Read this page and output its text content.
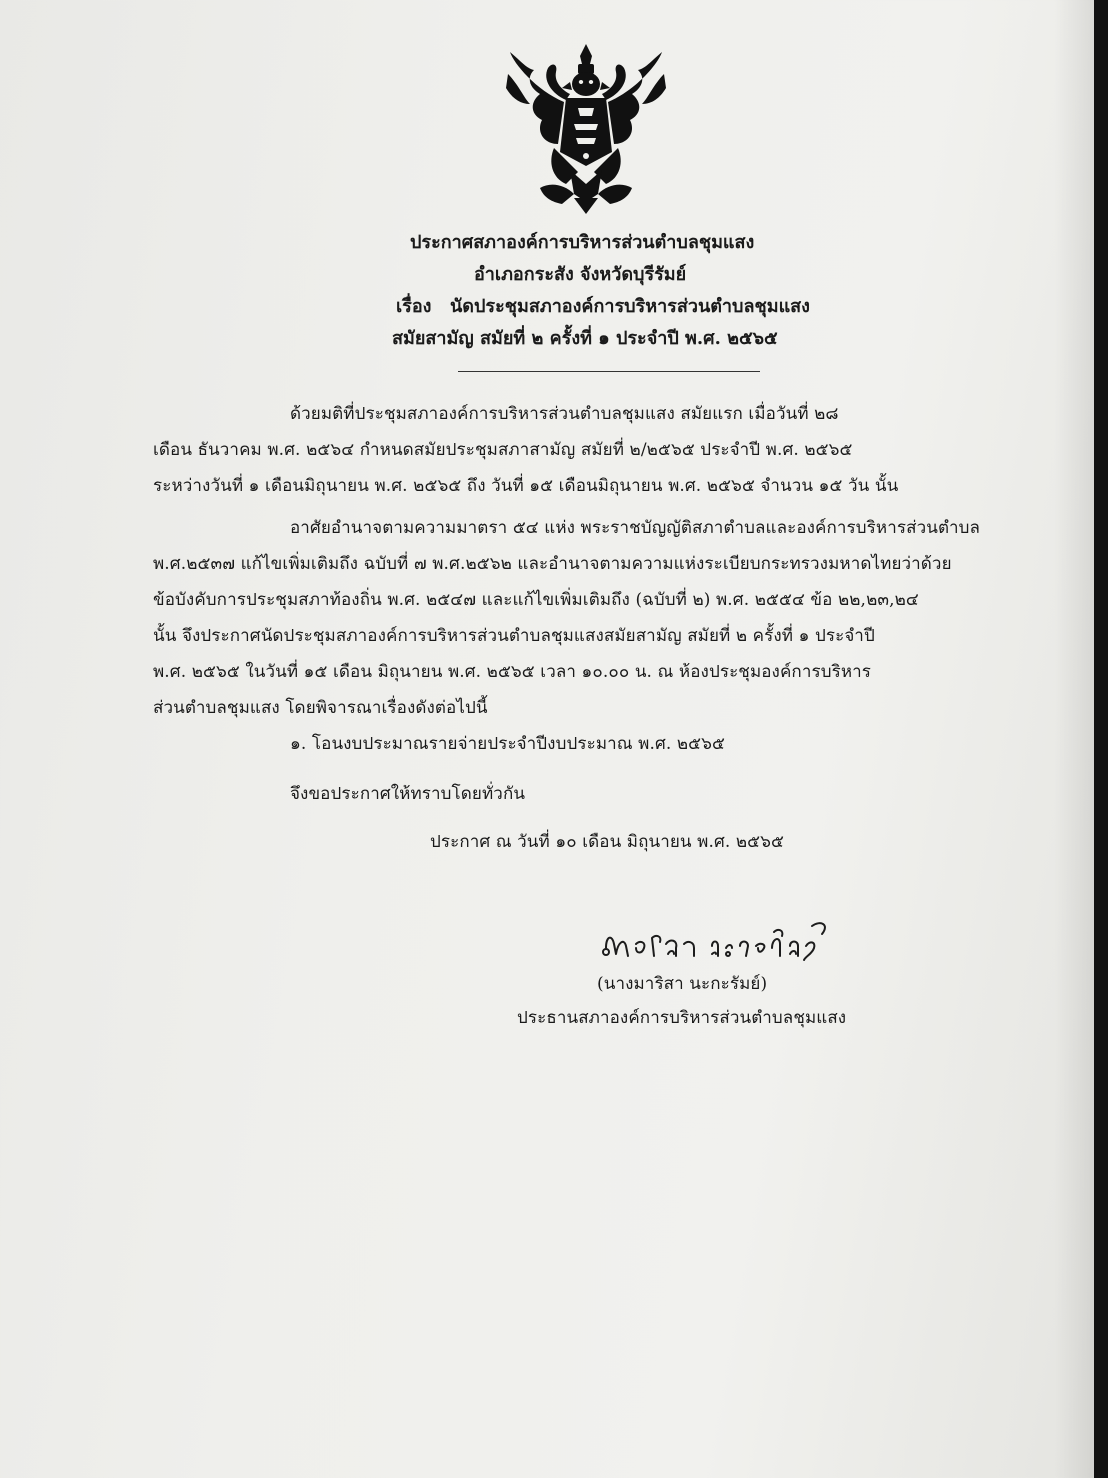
ประกาศสภาองค์การบริหารส่วนตำบลชุมแสง
อำเภอกระสัง จังหวัดบุรีรัมย์
เรื่อง นัดประชุมสภาองค์การบริหารส่วนตำบลชุมแสง
สมัยสามัญ สมัยที่ ๒ ครั้งที่ ๑ ประจำปี พ.ศ. ๒๕๖๕
ด้วยมติที่ประชุมสภาองค์การบริหารส่วนตำบลชุมแสง สมัยแรก เมื่อวันที่ ๒๘
เดือน ธันวาคม พ.ศ. ๒๕๖๔ กำหนดสมัยประชุมสภาสามัญ สมัยที่ ๒/๒๕๖๕ ประจำปี พ.ศ. ๒๕๖๕
ระหว่างวันที่ ๑ เดือนมิถุนายน พ.ศ. ๒๕๖๕ ถึง วันที่ ๑๕ เดือนมิถุนายน พ.ศ. ๒๕๖๕ จำนวน ๑๕ วัน นั้น
อาศัยอำนาจตามความมาตรา ๕๔ แห่ง พระราชบัญญัติสภาตำบลและองค์การบริหารส่วนตำบล
พ.ศ.๒๕๓๗ แก้ไขเพิ่มเติมถึง ฉบับที่ ๗ พ.ศ.๒๕๖๒ และอำนาจตามความแห่งระเบียบกระทรวงมหาดไทยว่าด้วย
ข้อบังคับการประชุมสภาท้องถิ่น พ.ศ. ๒๕๔๗ และแก้ไขเพิ่มเติมถึง (ฉบับที่ ๒) พ.ศ. ๒๕๕๔ ข้อ ๒๒,๒๓,๒๔
นั้น จึงประกาศนัดประชุมสภาองค์การบริหารส่วนตำบลชุมแสงสมัยสามัญ สมัยที่ ๒ ครั้งที่ ๑ ประจำปี
พ.ศ. ๒๕๖๕ ในวันที่ ๑๕ เดือน มิถุนายน พ.ศ. ๒๕๖๕ เวลา ๑๐.๐๐ น. ณ ห้องประชุมองค์การบริหาร
ส่วนตำบลชุมแสง โดยพิจารณาเรื่องดังต่อไปนี้
๑. โอนงบประมาณรายจ่ายประจำปีงบประมาณ พ.ศ. ๒๕๖๕
จึงขอประกาศให้ทราบโดยทั่วกัน
ประกาศ ณ วันที่ ๑๐ เดือน มิถุนายน พ.ศ. ๒๕๖๕
(นางมาริสา นะกะรัมย์)
ประธานสภาองค์การบริหารส่วนตำบลชุมแสง
